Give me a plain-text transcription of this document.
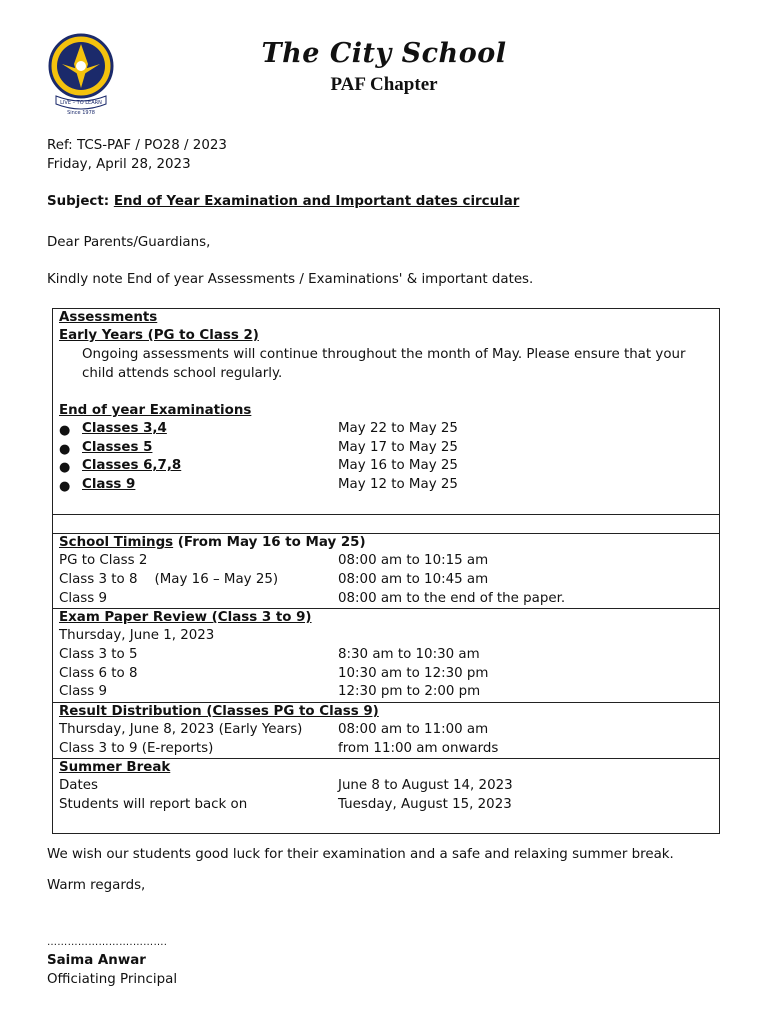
LIVE – TO LEARN
Since 1978
The City School
PAF Chapter
Ref: TCS-PAF / PO28 / 2023
Friday, April 28, 2023
Subject: End of Year Examination and Important dates circular
Dear Parents/Guardians,
Kindly note End of year Assessments / Examinations' & important dates.
Assessments
Early Years (PG to Class 2)
Ongoing assessments will continue throughout the month of May. Please ensure that your child attends school regularly.
End of year Examinations
● Classes 3,4	May 22 to May 25
● Classes 5	May 17 to May 25
● Classes 6,7,8	May 16 to May 25
● Class 9	May 12 to May 25
School Timings (From May 16 to May 25)
PG to Class 2	08:00 am to 10:15 am
Class 3 to 8    (May 16 – May 25)	08:00 am to 10:45 am
Class 9	08:00 am to the end of the paper.
Exam Paper Review (Class 3 to 9)
Thursday, June 1, 2023
Class 3 to 5	8:30 am to 10:30 am
Class 6 to 8	10:30 am to 12:30 pm
Class 9	12:30 pm to 2:00 pm
Result Distribution (Classes PG to Class 9)
Thursday, June 8, 2023 (Early Years)	08:00 am to 11:00 am
Class 3 to 9 (E-reports)	from 11:00 am onwards
Summer Break
Dates	June 8 to August 14, 2023
Students will report back on	Tuesday, August 15, 2023
We wish our students good luck for their examination and a safe and relaxing summer break.
Warm regards,
…………………….……….
Saima Anwar
Officiating Principal
